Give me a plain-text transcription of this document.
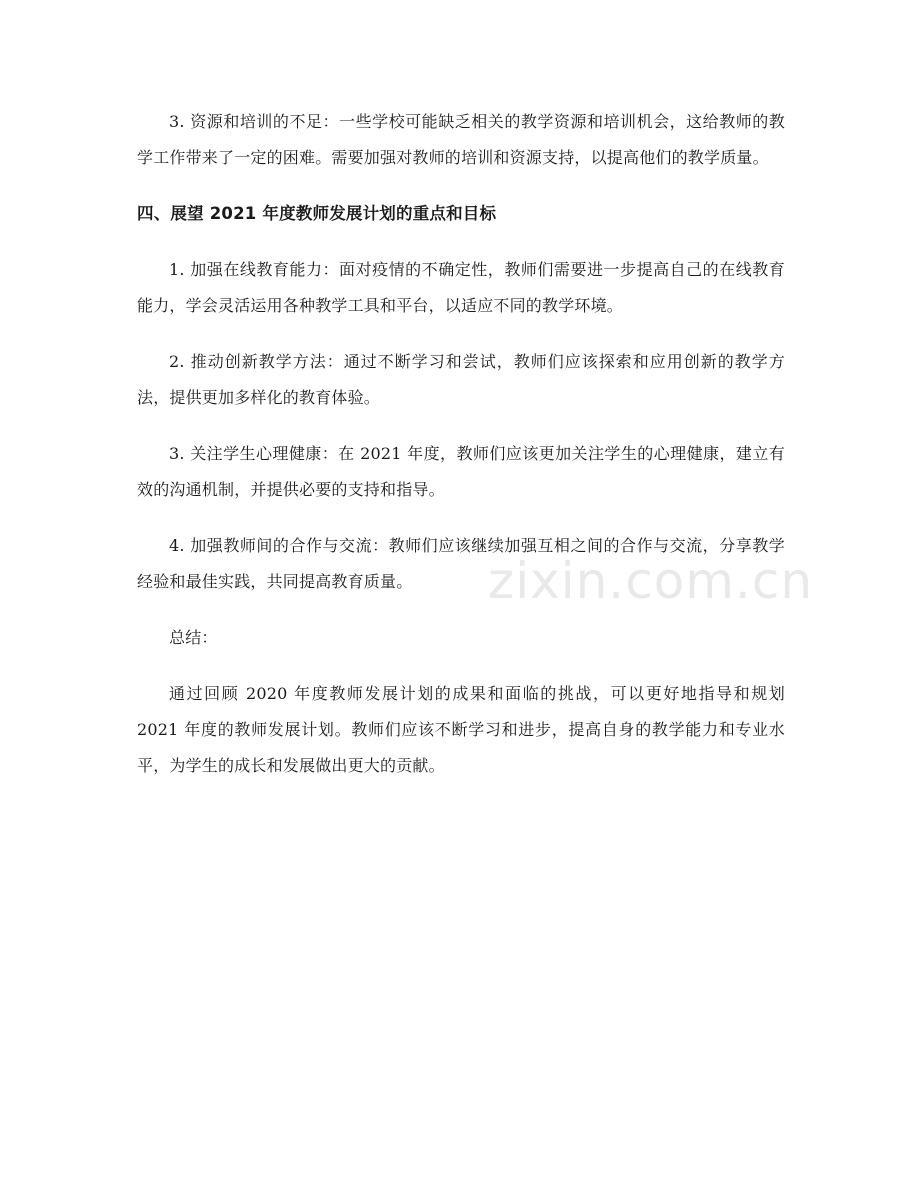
3. 资源和培训的不足：一些学校可能缺乏相关的教学资源和培训机会，这给教师的教学工作带来了一定的困难。需要加强对教师的培训和资源支持，以提高他们的教学质量。

四、展望 2021 年度教师发展计划的重点和目标

1. 加强在线教育能力：面对疫情的不确定性，教师们需要进一步提高自己的在线教育能力，学会灵活运用各种教学工具和平台，以适应不同的教学环境。

2. 推动创新教学方法：通过不断学习和尝试，教师们应该探索和应用创新的教学方法，提供更加多样化的教育体验。

3. 关注学生心理健康：在 2021 年度，教师们应该更加关注学生的心理健康，建立有效的沟通机制，并提供必要的支持和指导。

4. 加强教师间的合作与交流：教师们应该继续加强互相之间的合作与交流，分享教学经验和最佳实践，共同提高教育质量。

总结：

通过回顾 2020 年度教师发展计划的成果和面临的挑战，可以更好地指导和规划 2021 年度的教师发展计划。教师们应该不断学习和进步，提高自身的教学能力和专业水平，为学生的成长和发展做出更大的贡献。

zixin.com.cn
